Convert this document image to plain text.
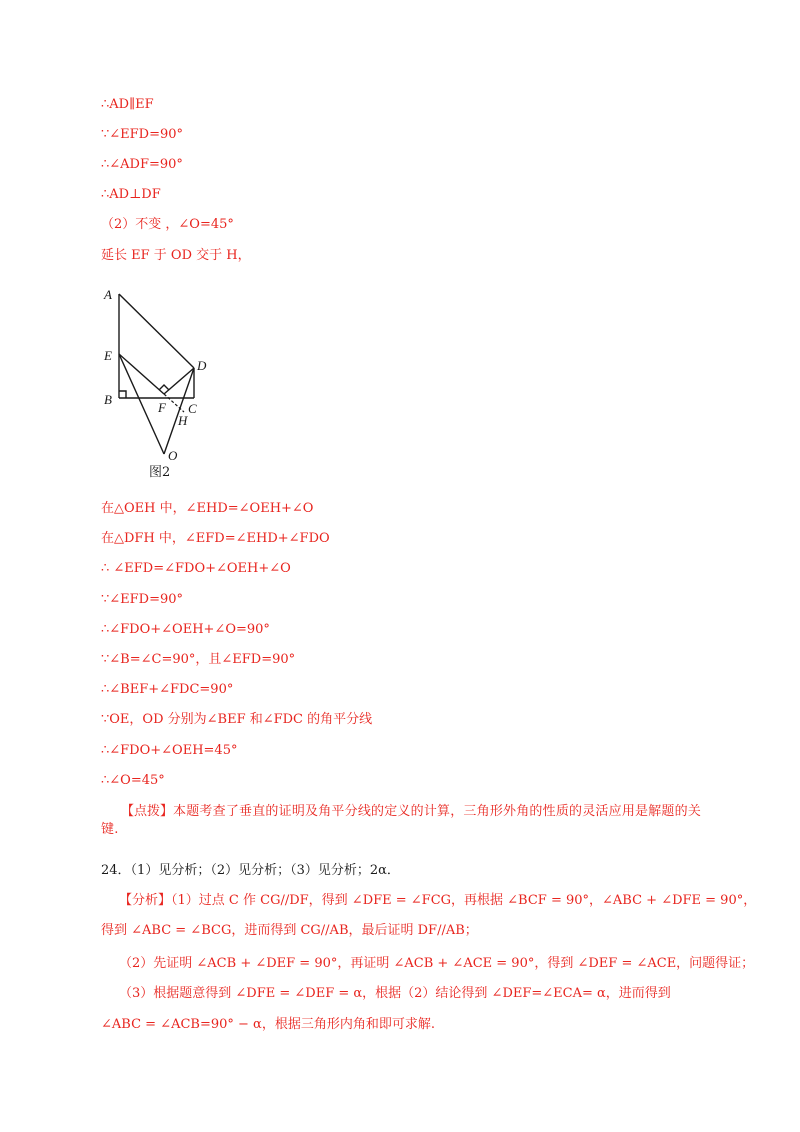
∴AD∥EF
∵∠EFD=90°
∴∠ADF=90°
∴AD⊥DF
（2）不变 ，∠O=45°
延长 EF 于 OD 交于 H，
A
E
B
F C
D
H
O
图2
在△OEH 中，∠EHD=∠OEH+∠O
在△DFH 中，∠EFD=∠EHD+∠FDO
∴ ∠EFD=∠FDO+∠OEH+∠O
∵∠EFD=90°
∴∠FDO+∠OEH+∠O=90°
∵∠B=∠C=90°，且∠EFD=90°
∴∠BEF+∠FDC=90°
∵OE，OD 分别为∠BEF 和∠FDC 的角平分线
∴∠FDO+∠OEH=45°
∴∠O=45°
【点拨】本题考查了垂直的证明及角平分线的定义的计算，三角形外角的性质的灵活应用是解题的关键.
24．（1）见分析；（2）见分析；（3）见分析；2α．
【分析】（1）过点 C 作 CG//DF，得到 ∠DFE = ∠FCG，再根据 ∠BCF = 90°，∠ABC + ∠DFE = 90°，
得到 ∠ABC = ∠BCG，进而得到 CG//AB，最后证明 DF//AB；
（2）先证明 ∠ACB + ∠DEF = 90°，再证明 ∠ACB + ∠ACE = 90°，得到 ∠DEF = ∠ACE，问题得证；
（3）根据题意得到 ∠DFE = ∠DEF = α，根据（2）结论得到 ∠DEF=∠ECA= α，进而得到
∠ABC = ∠ACB=90° − α，根据三角形内角和即可求解.
